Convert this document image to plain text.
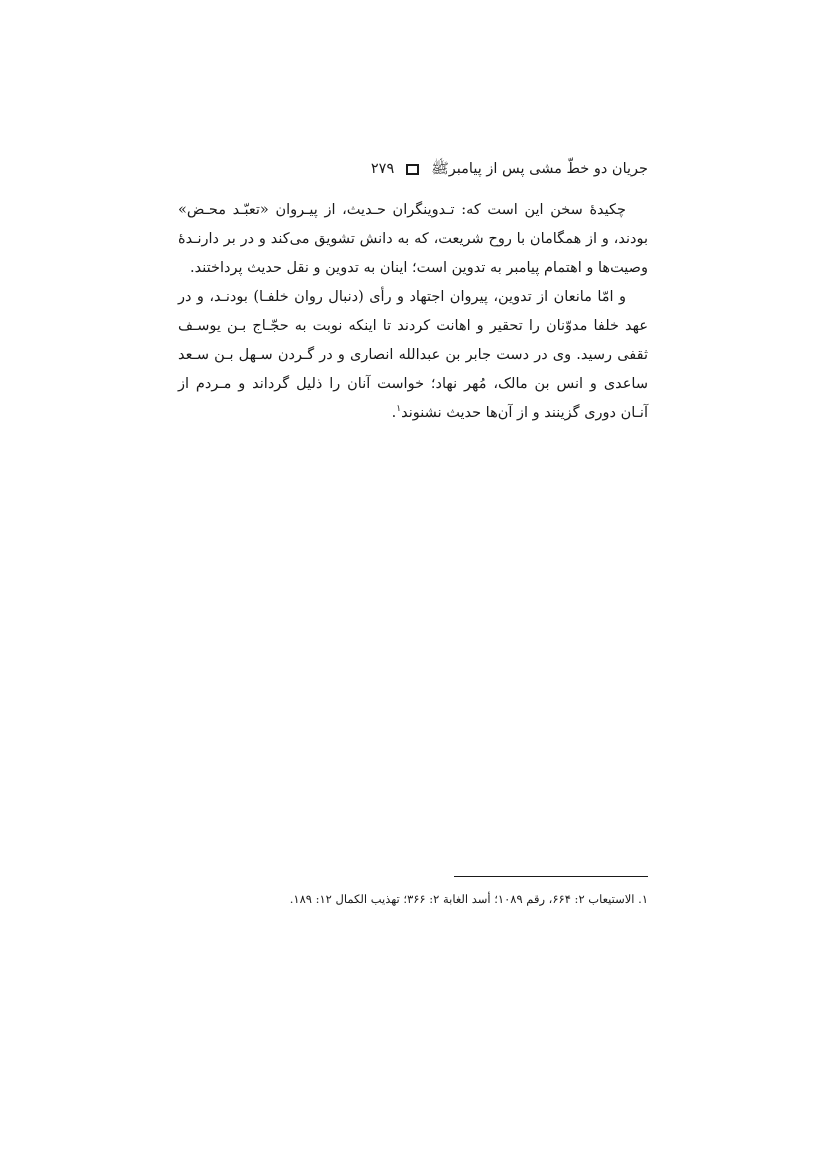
جریان دو خطّ مشی پس از پیامبرﷺ
۲۷۹

چکیدهٔ سخن این است که: تـدوینگران حـدیث، از پیـروان «تعبّـد محـض» بودند، و از همگامان با روح شریعت، که به دانش تشویق می‌کند و در بر دارنـدهٔ وصیت‌ها و اهتمام پیامبر به تدوین است؛ اینان به تدوین و نقل حدیث پرداختند.

و امّا مانعان از تدوین، پیروان اجتهاد و رأی (دنبال روان خلفـا) بودنـد، و در عهد خلفا مدوّنان را تحقیر و اهانت کردند تا اینکه نوبت به حجّـاج بـن یوسـف ثقفی رسید. وی در دست جابر بن عبدالله انصاری و در گـردن سـهل بـن سـعد ساعدی و انس بن مالک، مُهر نهاد؛ خواست آنان را ذلیل گرداند و مـردم از آنـان دوری گزینند و از آن‌ها حدیث نشنوند$^۱$.

۱. الاستیعاب ۲: ۶۶۴، رقم ۱۰۸۹؛ أسد الغابة ۲: ۳۶۶؛ تهذیب الکمال ۱۲: ۱۸۹.
